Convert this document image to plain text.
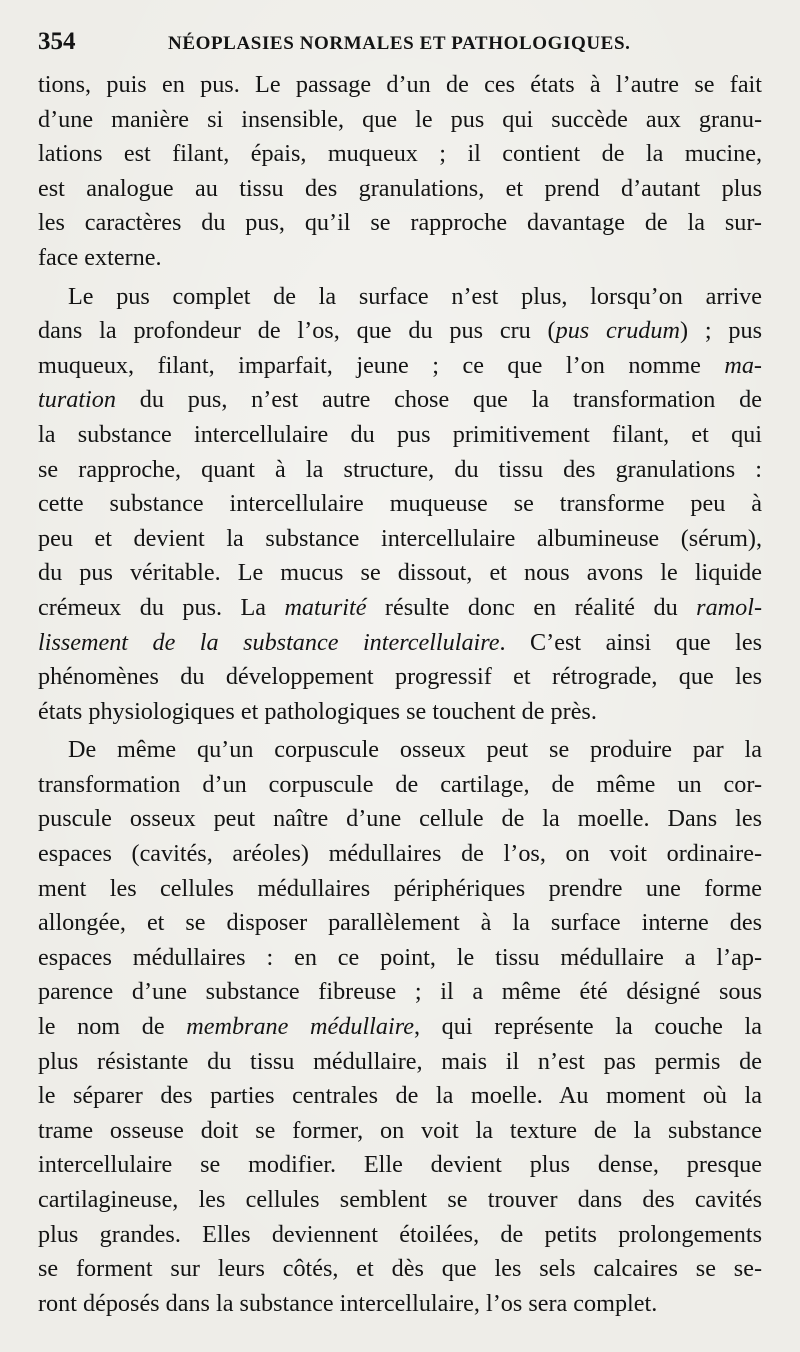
354	NÉOPLASIES NORMALES ET PATHOLOGIQUES.
tions, puis en pus. Le passage d’un de ces états à l’autre se fait
d’une manière si insensible, que le pus qui succède aux granu-
lations est filant, épais, muqueux ; il contient de la mucine,
est analogue au tissu des granulations, et prend d’autant plus
les caractères du pus, qu’il se rapproche davantage de la sur-
face externe.
Le pus complet de la surface n’est plus, lorsqu’on arrive
dans la profondeur de l’os, que du pus cru (pus crudum) ; pus
muqueux, filant, imparfait, jeune ; ce que l’on nomme ma-
turation du pus, n’est autre chose que la transformation de
la substance intercellulaire du pus primitivement filant, et qui
se rapproche, quant à la structure, du tissu des granulations :
cette substance intercellulaire muqueuse se transforme peu à
peu et devient la substance intercellulaire albumineuse (sérum),
du pus véritable. Le mucus se dissout, et nous avons le liquide
crémeux du pus. La maturité résulte donc en réalité du ramol-
lissement de la substance intercellulaire. C’est ainsi que les
phénomènes du développement progressif et rétrograde, que les
états physiologiques et pathologiques se touchent de près.
De même qu’un corpuscule osseux peut se produire par la
transformation d’un corpuscule de cartilage, de même un cor-
puscule osseux peut naître d’une cellule de la moelle. Dans les
espaces (cavités, aréoles) médullaires de l’os, on voit ordinaire-
ment les cellules médullaires périphériques prendre une forme
allongée, et se disposer parallèlement à la surface interne des
espaces médullaires : en ce point, le tissu médullaire a l’ap-
parence d’une substance fibreuse ; il a même été désigné sous
le nom de membrane médullaire, qui représente la couche la
plus résistante du tissu médullaire, mais il n’est pas permis de
le séparer des parties centrales de la moelle. Au moment où la
trame osseuse doit se former, on voit la texture de la substance
intercellulaire se modifier. Elle devient plus dense, presque
cartilagineuse, les cellules semblent se trouver dans des cavités
plus grandes. Elles deviennent étoilées, de petits prolongements
se forment sur leurs côtés, et dès que les sels calcaires se se-
ront déposés dans la substance intercellulaire, l’os sera complet.
